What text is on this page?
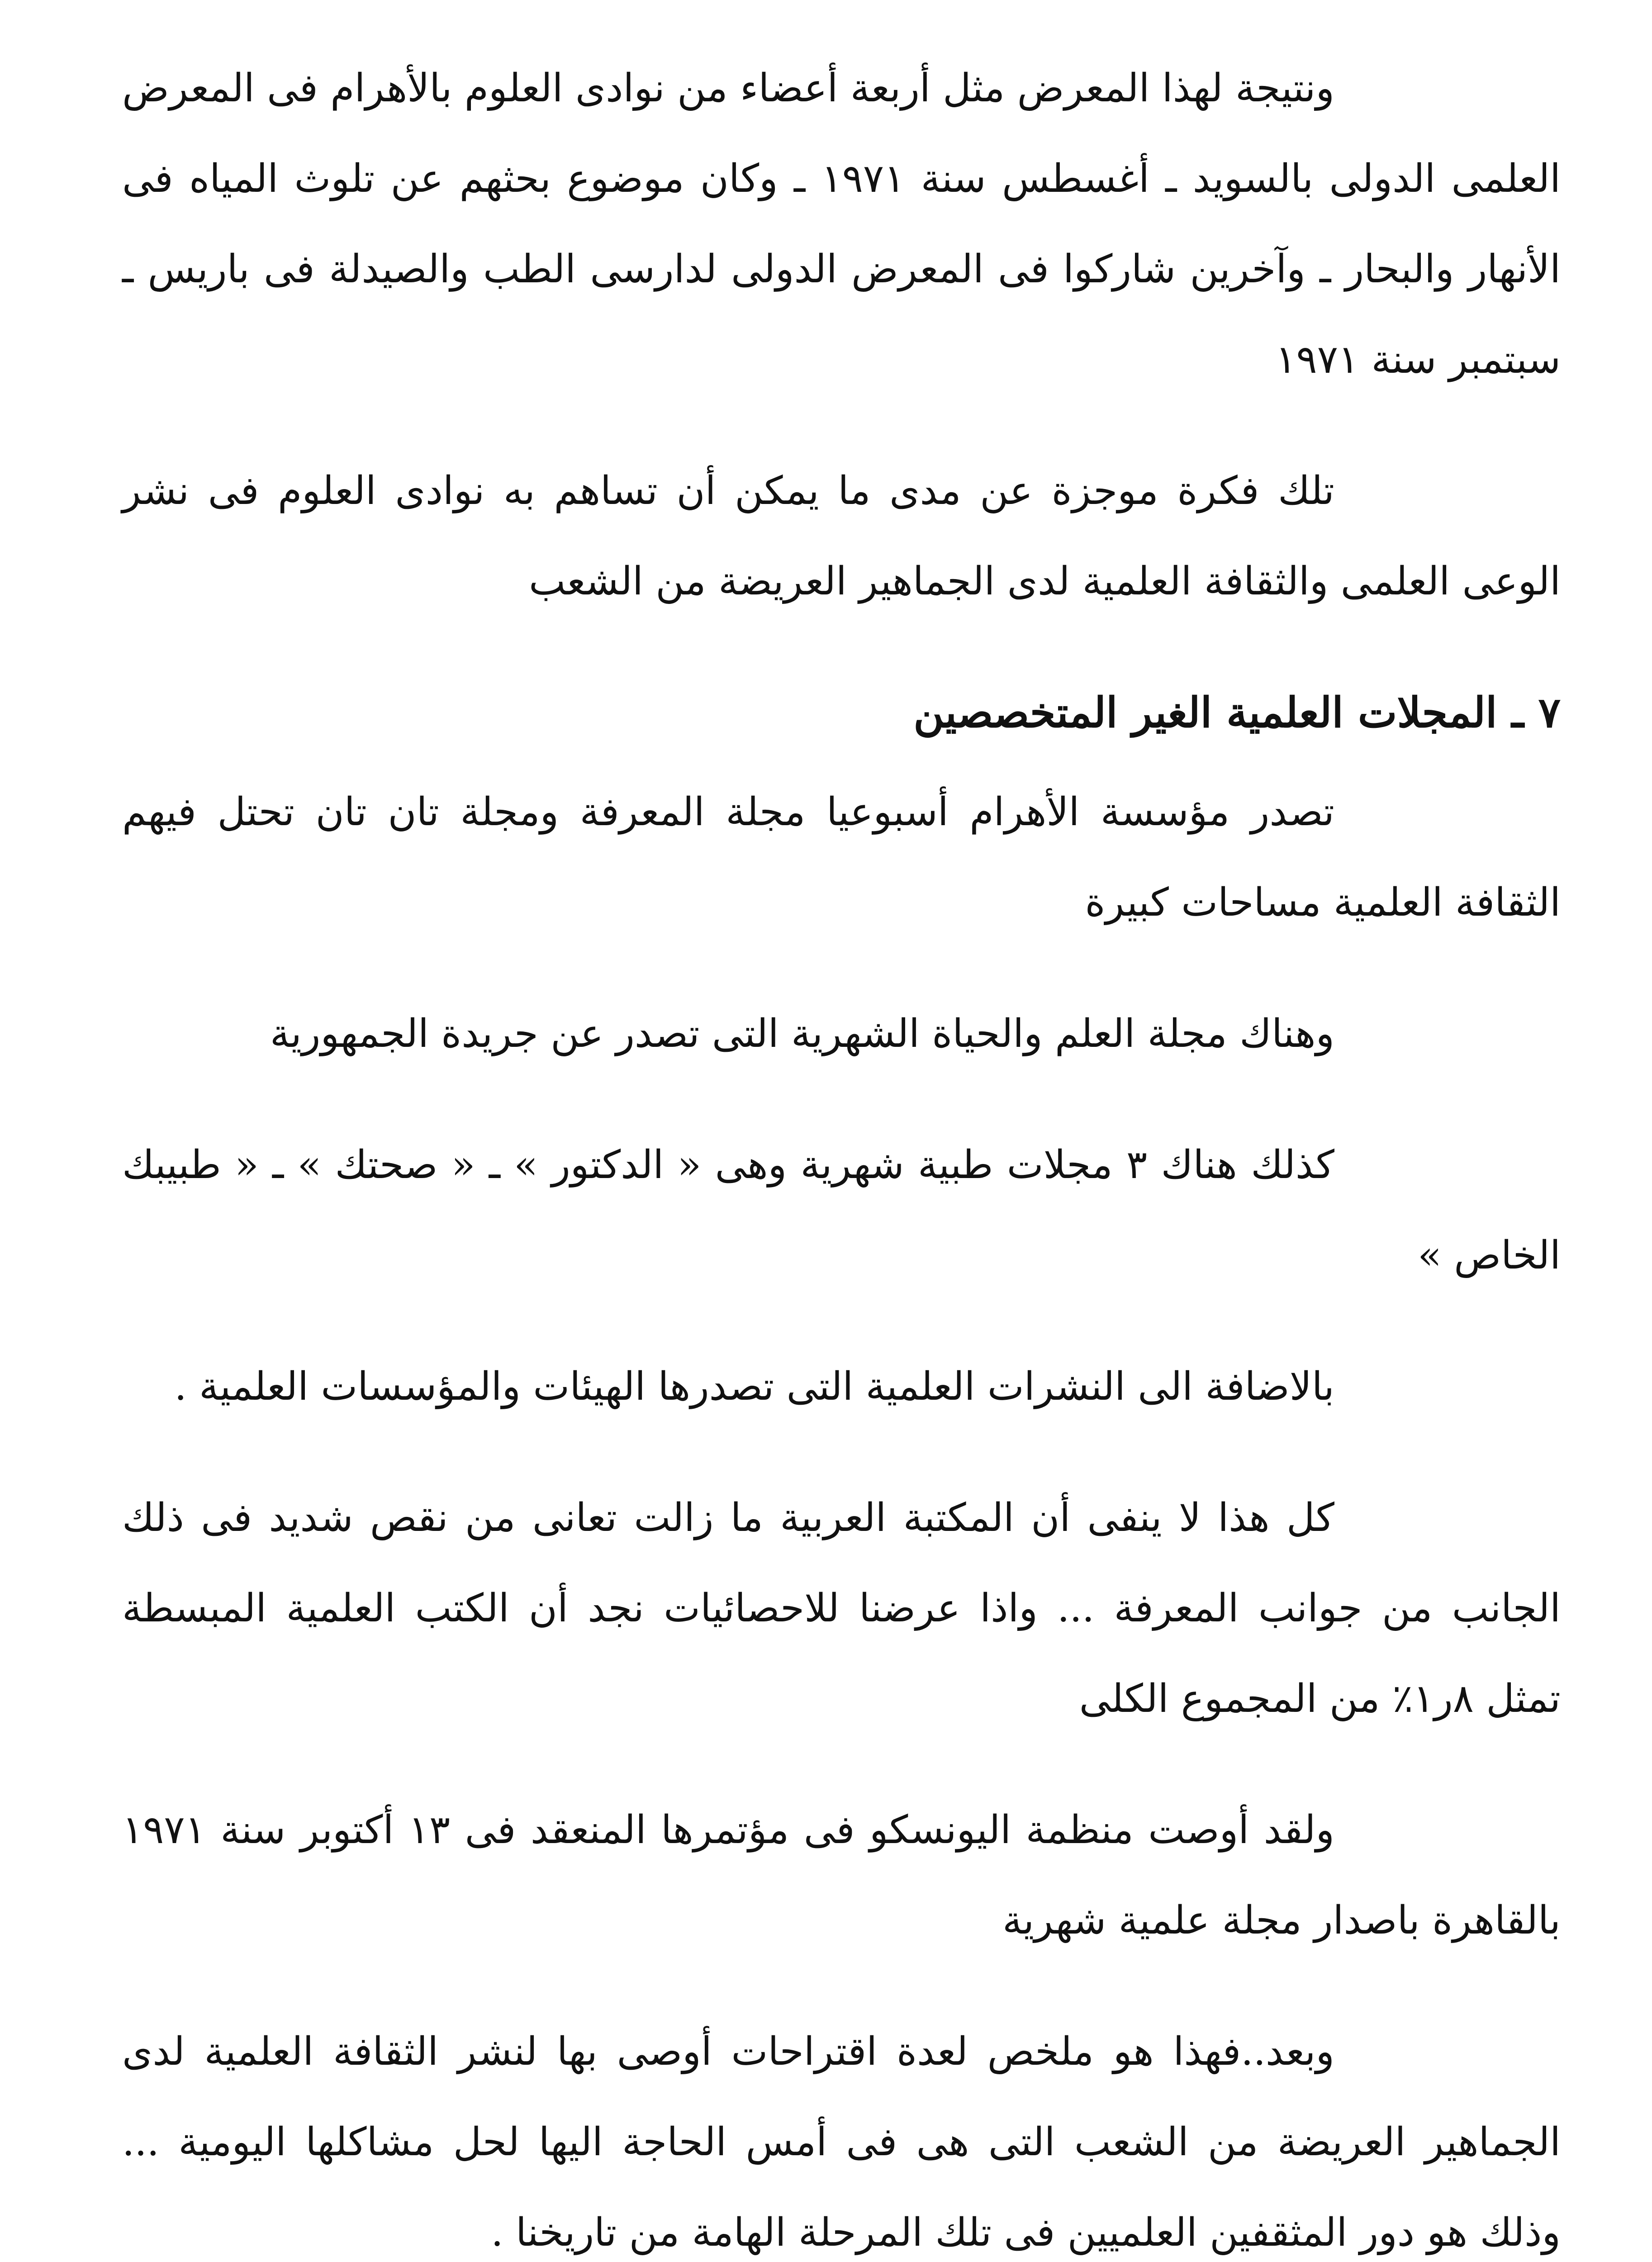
ونتيجة لهذا المعرض مثل أربعة أعضاء من نوادى العلوم بالأهرام فى المعرض العلمى الدولى بالسويد ـ أغسطس سنة ١٩٧١ ـ وكان موضوع بحثهم عن تلوث المياه فى الأنهار والبحار ـ وآخرين شاركوا فى المعرض الدولى لدارسى الطب والصيدلة فى باريس ـ سبتمبر سنة ١٩٧١

تلك فكرة موجزة عن مدى ما يمكن أن تساهم به نوادى العلوم فى نشر الوعى العلمى والثقافة العلمية لدى الجماهير العريضة من الشعب

٧ ـ المجلات العلمية الغير المتخصصين

تصدر مؤسسة الأهرام أسبوعيا مجلة المعرفة ومجلة تان تان تحتل فيهم الثقافة العلمية مساحات كبيرة

وهناك مجلة العلم والحياة الشهرية التى تصدر عن جريدة الجمهورية

كذلك هناك ٣ مجلات طبية شهرية وهى « الدكتور » ـ « صحتك » ـ « طبيبك الخاص »

بالاضافة الى النشرات العلمية التى تصدرها الهيئات والمؤسسات العلمية .

كل هذا لا ينفى أن المكتبة العربية ما زالت تعانى من نقص شديد فى ذلك الجانب من جوانب المعرفة ... واذا عرضنا للاحصائيات نجد أن الكتب العلمية المبسطة تمثل ٨ر١٪ من المجموع الكلى

ولقد أوصت منظمة اليونسكو فى مؤتمرها المنعقد فى ١٣ أكتوبر سنة ١٩٧١ بالقاهرة باصدار مجلة علمية شهرية

وبعد..فهذا هو ملخص لعدة اقتراحات أوصى بها لنشر الثقافة العلمية لدى الجماهير العريضة من الشعب التى هى فى أمس الحاجة اليها لحل مشاكلها اليومية ... وذلك هو دور المثقفين العلميين فى تلك المرحلة الهامة من تاريخنا .
